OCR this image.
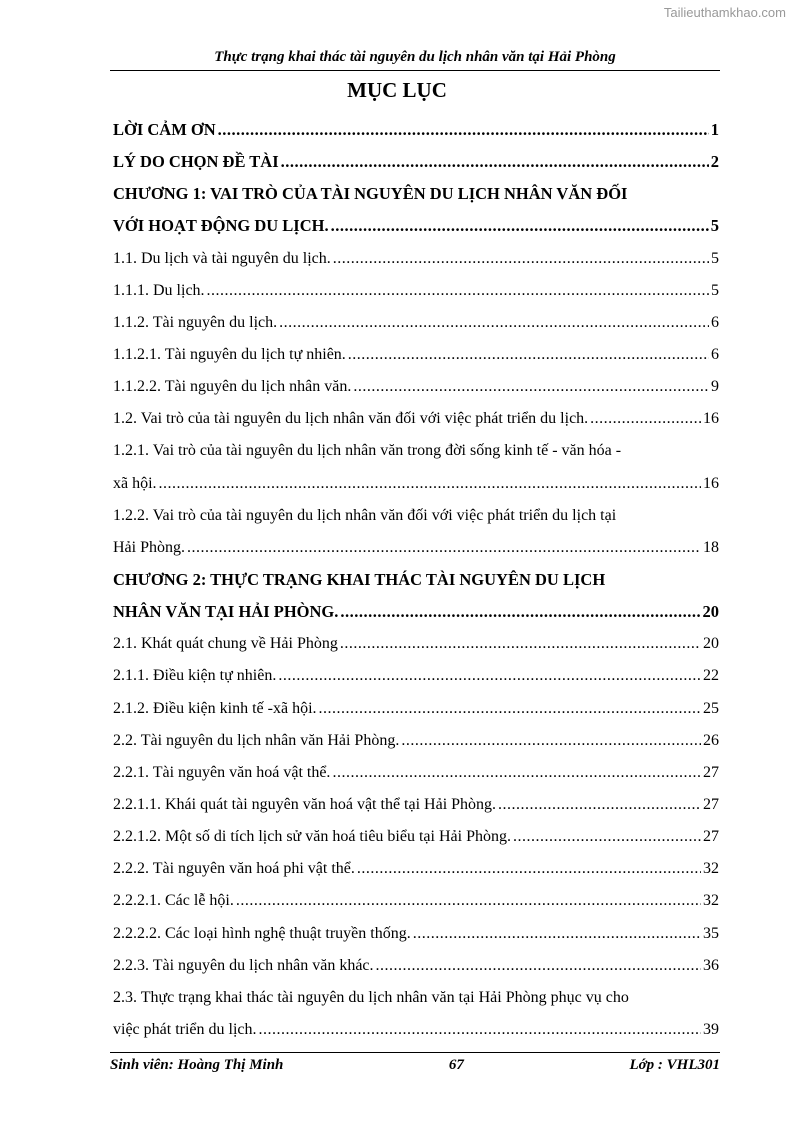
Tailieuthamkhao.com
Thực trạng khai thác tài nguyên du lịch nhân văn tại Hải Phòng
MỤC LỤC
LỜI CẢM ƠN .....	1
LÝ DO CHỌN ĐỀ TÀI .....	2
CHƯƠNG 1: VAI TRÒ CỦA TÀI NGUYÊN DU LỊCH NHÂN VĂN ĐỐI
VỚI HOẠT ĐỘNG DU LỊCH. .....	5
1.1. Du lịch và tài nguyên du lịch. .....	5
1.1.1. Du lịch. .....	5
1.1.2. Tài nguyên du lịch. .....	6
1.1.2.1. Tài nguyên du lịch tự nhiên. .....	6
1.1.2.2. Tài nguyên du lịch nhân văn. .....	9
1.2. Vai trò của tài nguyên du lịch nhân văn đối với việc phát triển du lịch. .....	16
1.2.1. Vai trò của tài nguyên du lịch nhân văn trong đời sống kinh tế - văn hóa -
xã hội. .....	16
1.2.2. Vai trò của tài nguyên du lịch nhân văn đối với việc phát triển du lịch tại
Hải Phòng. .....	18
CHƯƠNG 2: THỰC TRẠNG KHAI THÁC TÀI NGUYÊN DU LỊCH
NHÂN VĂN TẠI HẢI PHÒNG. .....	20
2.1. Khát quát chung về Hải Phòng .....	20
2.1.1. Điều kiện tự nhiên. .....	22
2.1.2. Điều kiện kinh tế -xã hội. .....	25
2.2. Tài nguyên du lịch nhân văn Hải Phòng. .....	26
2.2.1. Tài nguyên văn hoá vật thể. .....	27
2.2.1.1. Khái quát tài nguyên văn hoá vật thể tại Hải Phòng. .....	27
2.2.1.2. Một số di tích lịch sử văn hoá tiêu biểu tại Hải Phòng. .....	27
2.2.2. Tài nguyên văn hoá phi vật thể. .....	32
2.2.2.1. Các lễ hội. .....	32
2.2.2.2. Các loại hình nghệ thuật truyền thống. .....	35
2.2.3. Tài nguyên du lịch nhân văn khác. .....	36
2.3. Thực trạng khai thác tài nguyên du lịch nhân văn tại Hải Phòng phục vụ cho
việc phát triển du lịch. .....	39
Sinh viên: Hoàng Thị Minh	67	Lớp : VHL301
